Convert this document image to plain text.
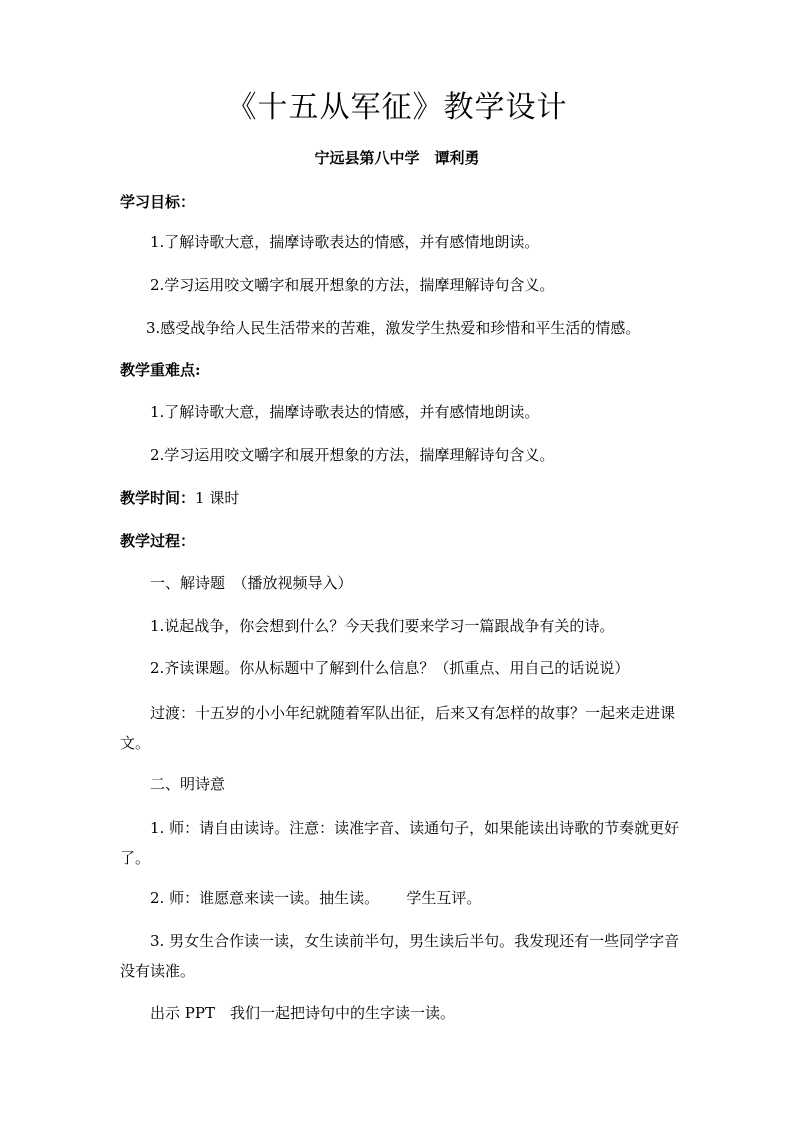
《十五从军征》教学设计
宁远县第八中学　谭利勇
学习目标：
1.了解诗歌大意，揣摩诗歌表达的情感，并有感情地朗读。
2.学习运用咬文嚼字和展开想象的方法，揣摩理解诗句含义。
3.感受战争给人民生活带来的苦难，激发学生热爱和珍惜和平生活的情感。
教学重难点:
1.了解诗歌大意，揣摩诗歌表达的情感，并有感情地朗读。
2.学习运用咬文嚼字和展开想象的方法，揣摩理解诗句含义。
教学时间：1 课时
教学过程：
一、解诗题　（播放视频导入）
1.说起战争，你会想到什么？今天我们要来学习一篇跟战争有关的诗。
2.齐读课题。你从标题中了解到什么信息？（抓重点、用自己的话说说）
过渡：十五岁的小小年纪就随着军队出征，后来又有怎样的故事？一起来走进课文。
二、明诗意
1. 师：请自由读诗。注意：读准字音、读通句子，如果能读出诗歌的节奏就更好了。
2. 师：谁愿意来读一读。抽生读。　　 学生互评。
3. 男女生合作读一读，女生读前半句，男生读后半句。我发现还有一些同学字音没有读准。
出示 PPT　我们一起把诗句中的生字读一读。
